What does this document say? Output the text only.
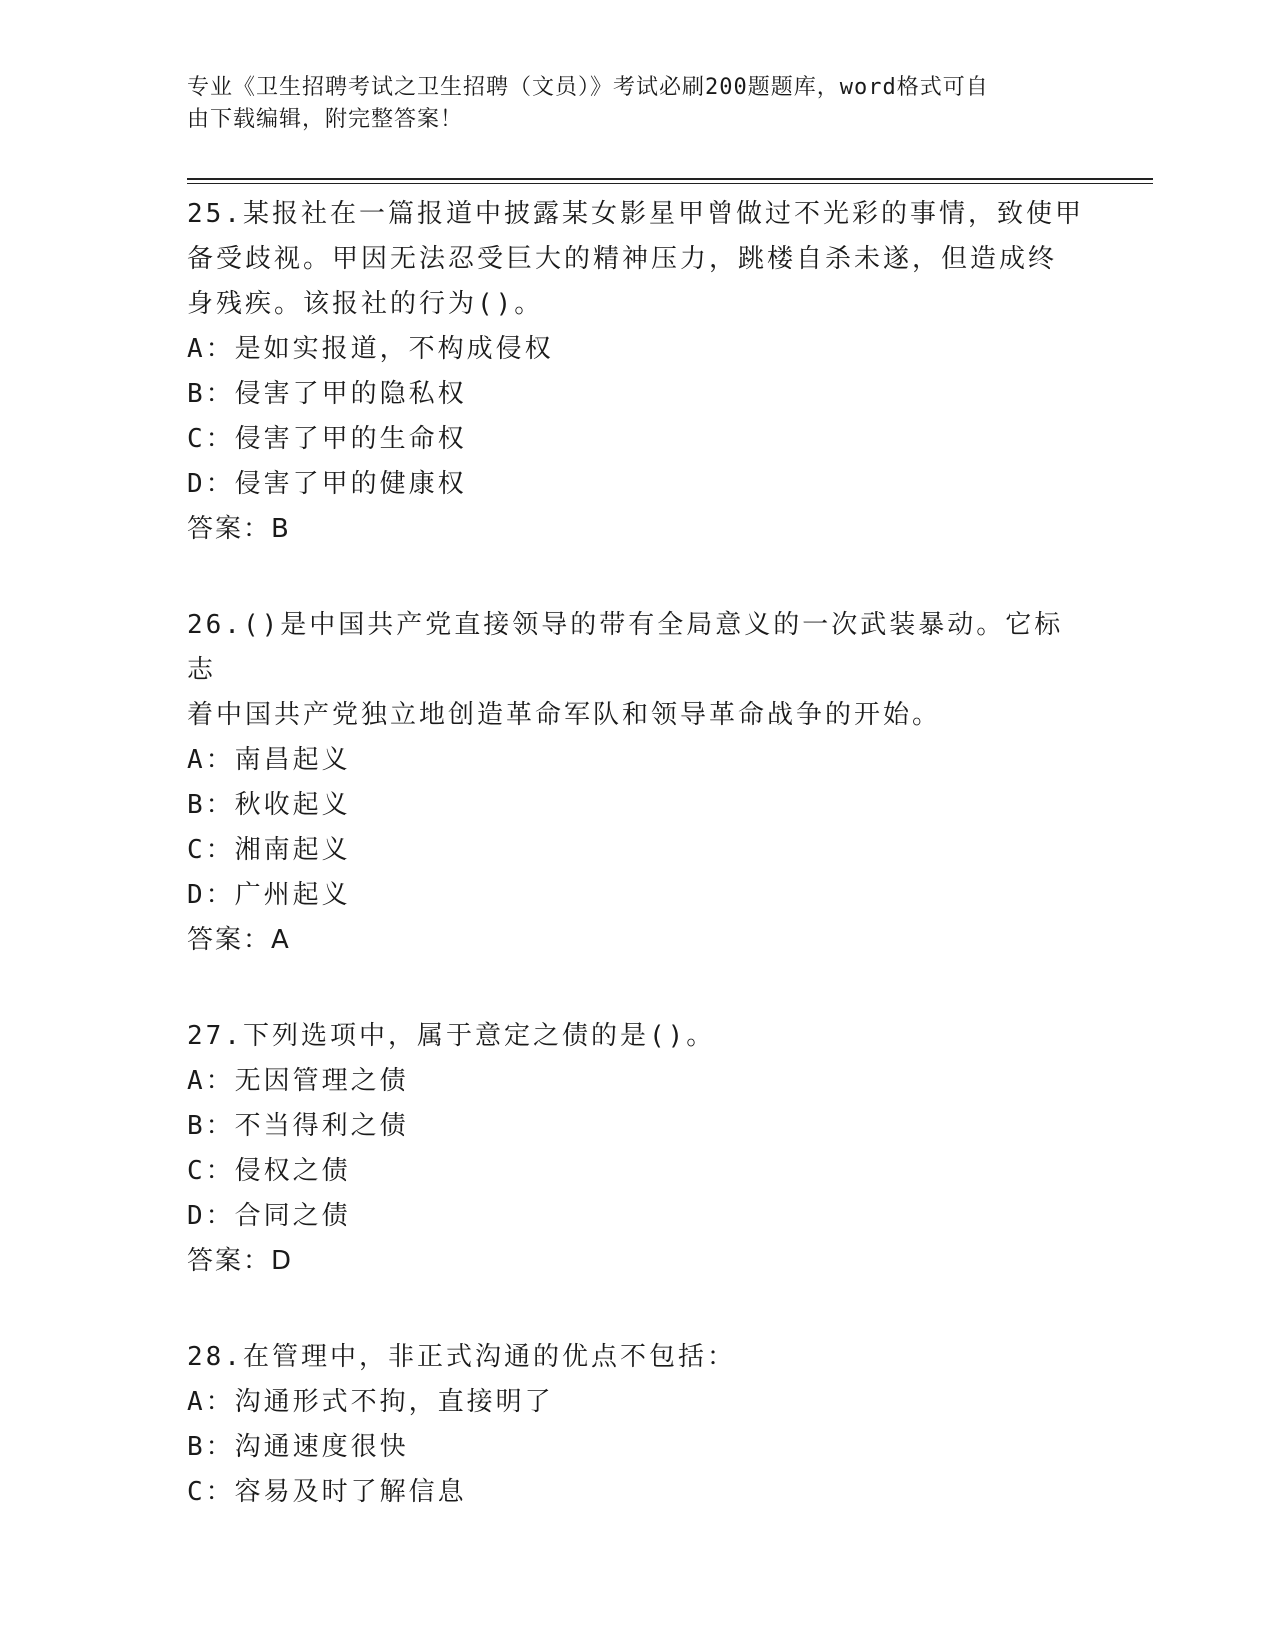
专业《卫生招聘考试之卫生招聘（文员）》考试必刷200题题库，word格式可自
由下载编辑，附完整答案！
25.某报社在一篇报道中披露某女影星甲曾做过不光彩的事情，致使甲
备受歧视。甲因无法忍受巨大的精神压力，跳楼自杀未遂，但造成终
身残疾。该报社的行为()。
A：是如实报道，不构成侵权
B：侵害了甲的隐私权
C：侵害了甲的生命权
D：侵害了甲的健康权
答案：B
26.()是中国共产党直接领导的带有全局意义的一次武装暴动。它标志
着中国共产党独立地创造革命军队和领导革命战争的开始。
A：南昌起义
B：秋收起义
C：湘南起义
D：广州起义
答案：A
27.下列选项中，属于意定之债的是()。
A：无因管理之债
B：不当得利之债
C：侵权之债
D：合同之债
答案：D
28.在管理中，非正式沟通的优点不包括：
A：沟通形式不拘，直接明了
B：沟通速度很快
C：容易及时了解信息
